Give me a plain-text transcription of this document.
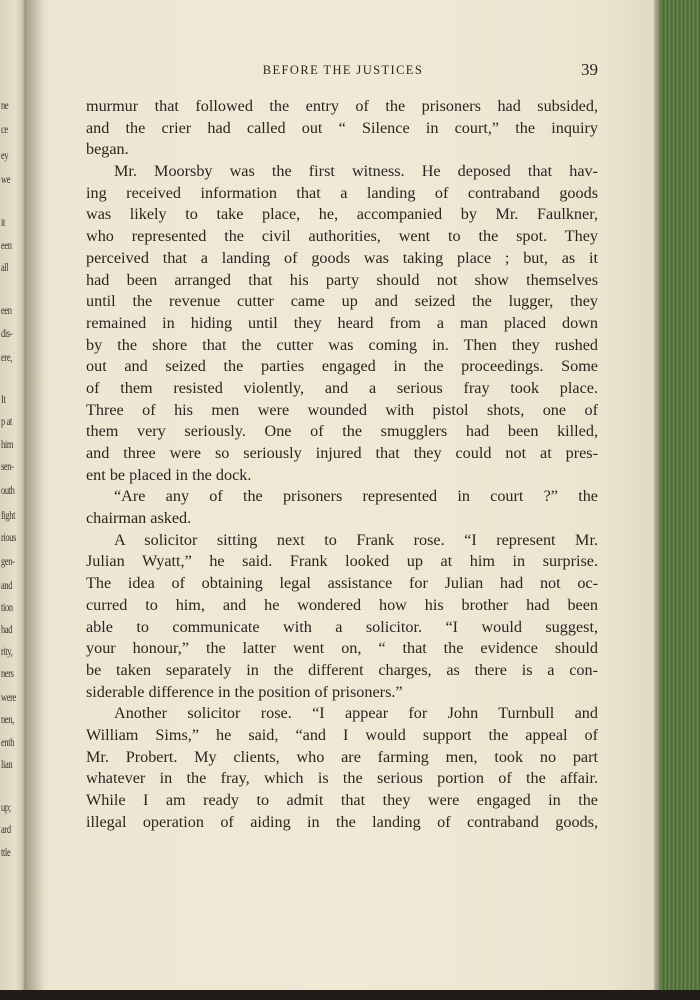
ne
ce
ey
we
it
een
all
een
dis-
ere,
It
p at
him
sen-
outh
fight
rious
gen-
and
tion
had
rity,
ners
were
nen,
enth
lian
up;
ard
ttle
BEFORE THE JUSTICES	39
murmur that followed the entry of the prisoners had subsided,
and the crier had called out “ Silence in court,” the inquiry
began.
Mr. Moorsby was the first witness. He deposed that hav-
ing received information that a landing of contraband goods
was likely to take place, he, accompanied by Mr. Faulkner,
who represented the civil authorities, went to the spot. They
perceived that a landing of goods was taking place ; but, as it
had been arranged that his party should not show themselves
until the revenue cutter came up and seized the lugger, they
remained in hiding until they heard from a man placed down
by the shore that the cutter was coming in. Then they rushed
out and seized the parties engaged in the proceedings. Some
of them resisted violently, and a serious fray took place.
Three of his men were wounded with pistol shots, one of
them very seriously. One of the smugglers had been killed,
and three were so seriously injured that they could not at pres-
ent be placed in the dock.
“Are any of the prisoners represented in court ?” the
chairman asked.
A solicitor sitting next to Frank rose. “I represent Mr.
Julian Wyatt,” he said. Frank looked up at him in surprise.
The idea of obtaining legal assistance for Julian had not oc-
curred to him, and he wondered how his brother had been
able to communicate with a solicitor. “I would suggest,
your honour,” the latter went on, “ that the evidence should
be taken separately in the different charges, as there is a con-
siderable difference in the position of prisoners.”
Another solicitor rose. “I appear for John Turnbull and
William Sims,” he said, “and I would support the appeal of
Mr. Probert. My clients, who are farming men, took no part
whatever in the fray, which is the serious portion of the affair.
While I am ready to admit that they were engaged in the
illegal operation of aiding in the landing of contraband goods,
